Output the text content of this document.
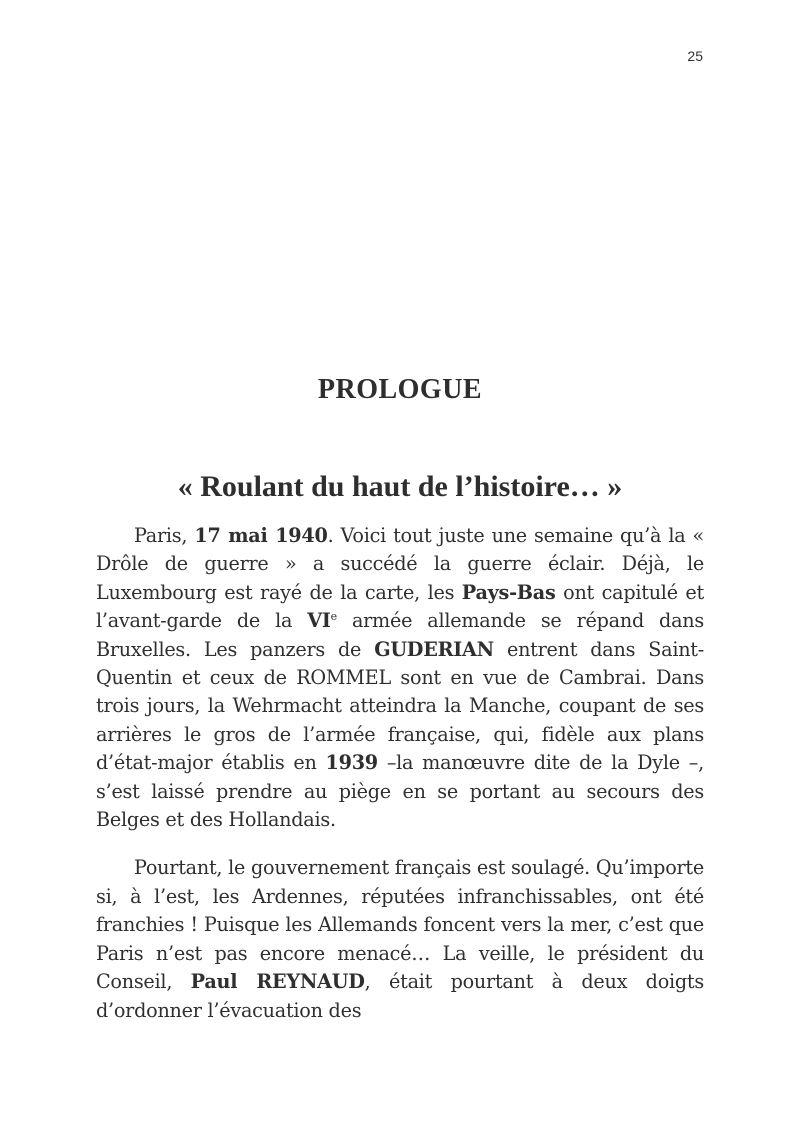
25
PROLOGUE
« Roulant du haut de l’histoire… »

Paris, 17 mai 1940. Voici tout juste une semaine qu’à la « Drôle de guerre » a succédé la guerre éclair. Déjà, le Luxembourg est rayé de la carte, les Pays-Bas ont capitulé et l’avant-garde de la VIe armée allemande se répand dans Bruxelles. Les panzers de GUDERIAN entrent dans Saint-Quentin et ceux de ROMMEL sont en vue de Cambrai. Dans trois jours, la Wehrmacht atteindra la Manche, coupant de ses arrières le gros de l’armée française, qui, fidèle aux plans d’état-major établis en 1939 –la manœuvre dite de la Dyle –, s’est laissé prendre au piège en se portant au secours des Belges et des Hollandais.

Pourtant, le gouvernement français est soulagé. Qu’importe si, à l’est, les Ardennes, réputées infranchissables, ont été franchies ! Puisque les Allemands foncent vers la mer, c’est que Paris n’est pas encore menacé… La veille, le président du Conseil, Paul REYNAUD, était pourtant à deux doigts d’ordonner l’évacuation des
